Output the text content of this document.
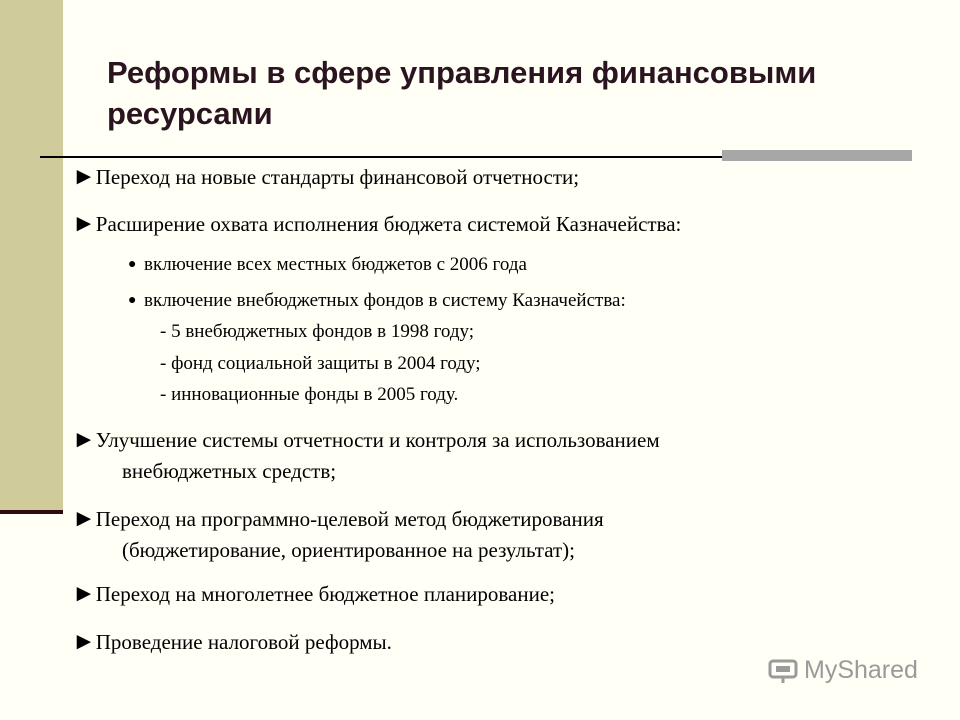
Реформы в сфере управления финансовыми ресурсами
►Переход на новые стандарты финансовой отчетности;
►Расширение охвата исполнения бюджета системой Казначейства:
● включение всех местных бюджетов с 2006 года
● включение внебюджетных фондов в систему Казначейства:
- 5 внебюджетных фондов в 1998 году;
- фонд социальной защиты в 2004 году;
- инновационные фонды в 2005 году.
►Улучшение системы отчетности и контроля за использованием
внебюджетных средств;
►Переход на программно-целевой метод бюджетирования
(бюджетирование, ориентированное на результат);
►Переход на многолетнее бюджетное планирование;
►Проведение налоговой реформы.
MyShared
